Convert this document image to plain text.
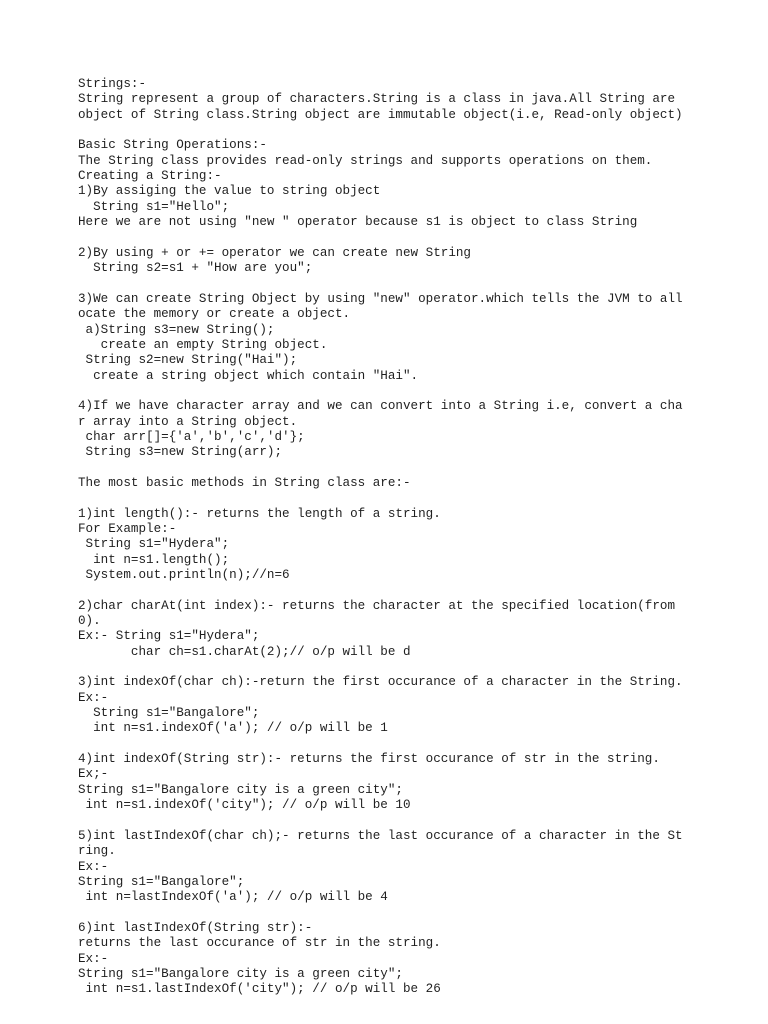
Strings:-
String represent a group of characters.String is a class in java.All String are
object of String class.String object are immutable object(i.e, Read-only object)
Basic String Operations:-
The String class provides read-only strings and supports operations on them.
Creating a String:-
1)By assiging the value to string object
String s1="Hello";
Here we are not using "new " operator because s1 is object to class String
2)By using + or += operator we can create new String
String s2=s1 + "How are you";
3)We can create String Object by using "new" operator.which tells the JVM to all
ocate the memory or create a object.
a)String s3=new String();
create an empty String object.
String s2=new String("Hai");
create a string object which contain "Hai".
4)If we have character array and we can convert into a String i.e, convert a cha
r array into a String object.
char arr[]={'a','b','c','d'};
String s3=new String(arr);
The most basic methods in String class are:-
1)int length():- returns the length of a string.
For Example:-
String s1="Hydera";
int n=s1.length();
System.out.println(n);//n=6
2)char charAt(int index):- returns the character at the specified location(from
0).
Ex:- String s1="Hydera";
char ch=s1.charAt(2);// o/p will be d
3)int indexOf(char ch):-return the first occurance of a character in the String.
Ex:-
String s1="Bangalore";
int n=s1.indexOf('a'); // o/p will be 1
4)int indexOf(String str):- returns the first occurance of str in the string.
Ex;-
String s1="Bangalore city is a green city";
int n=s1.indexOf('city"); // o/p will be 10
5)int lastIndexOf(char ch);- returns the last occurance of a character in the St
ring.
Ex:-
String s1="Bangalore";
int n=lastIndexOf('a'); // o/p will be 4
6)int lastIndexOf(String str):-
returns the last occurance of str in the string.
Ex:-
String s1="Bangalore city is a green city";
int n=s1.lastIndexOf('city"); // o/p will be 26
